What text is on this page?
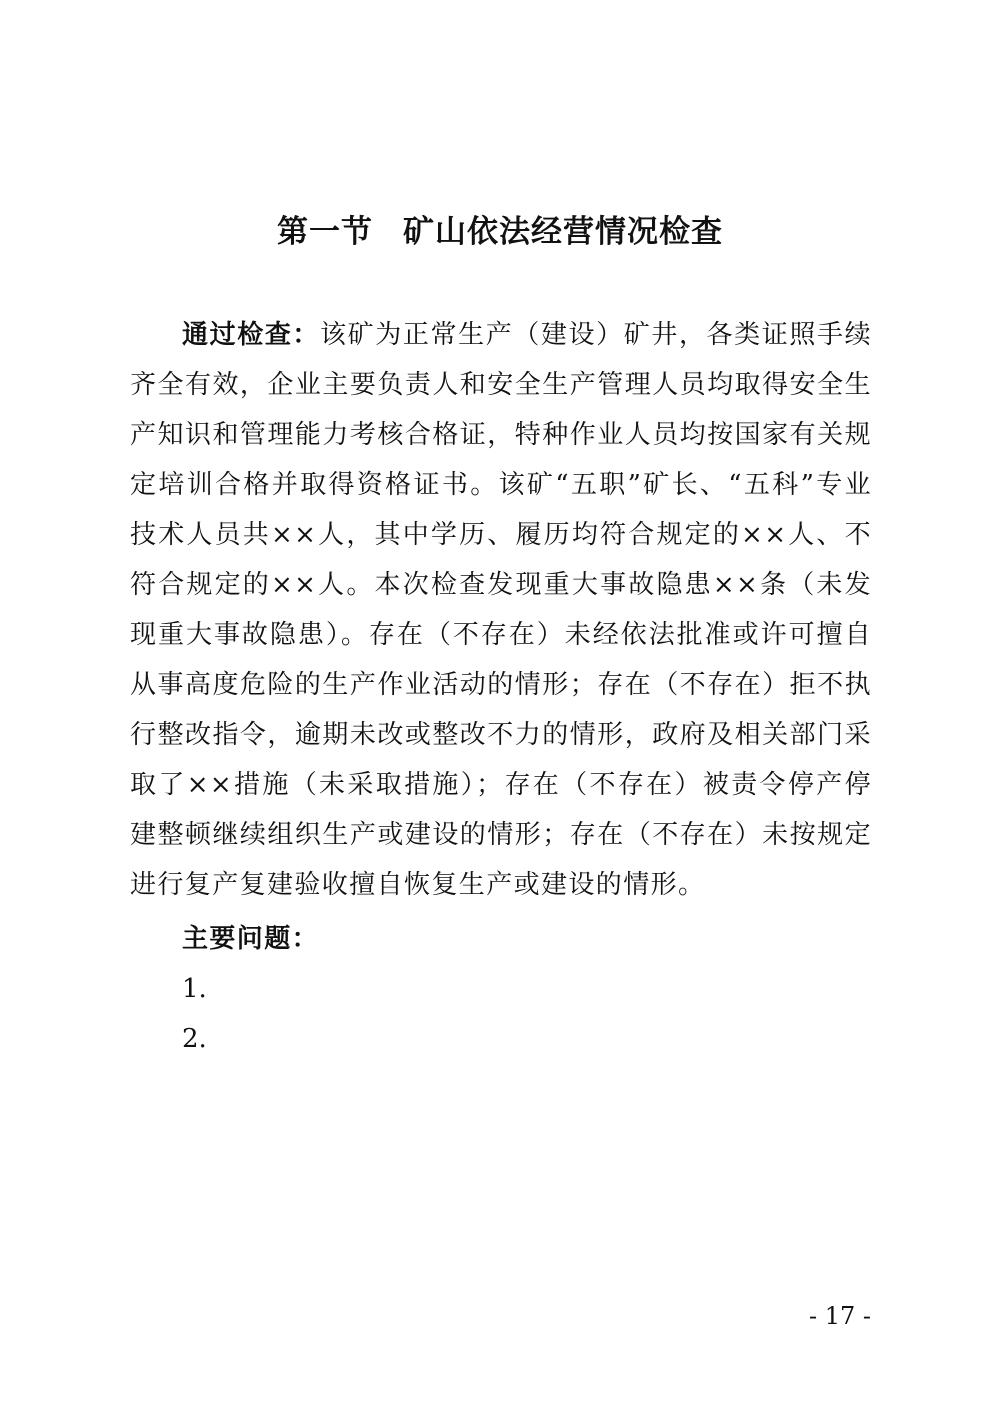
第一节 矿山依法经营情况检查

通过检查：该矿为正常生产（建设）矿井，各类证照手续齐全有效，企业主要负责人和安全生产管理人员均取得安全生产知识和管理能力考核合格证，特种作业人员均按国家有关规定培训合格并取得资格证书。该矿“五职”矿长、“五科”专业技术人员共××人，其中学历、履历均符合规定的××人、不符合规定的××人。本次检查发现重大事故隐患××条（未发现重大事故隐患）。存在（不存在）未经依法批准或许可擅自从事高度危险的生产作业活动的情形；存在（不存在）拒不执行整改指令，逾期未改或整改不力的情形，政府及相关部门采取了××措施（未采取措施）；存在（不存在）被责令停产停建整顿继续组织生产或建设的情形；存在（不存在）未按规定进行复产复建验收擅自恢复生产或建设的情形。

主要问题：
1.
2.
- 17 -
